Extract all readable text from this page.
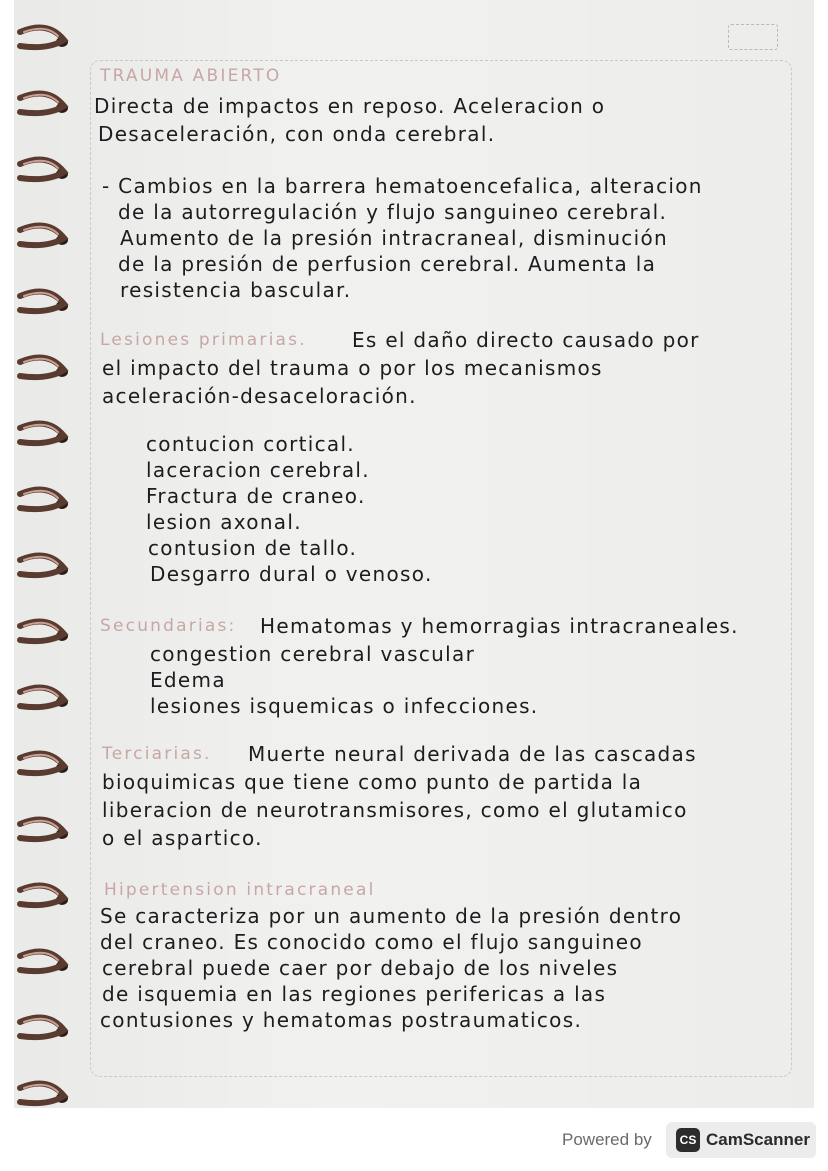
TRAUMA ABIERTO

Directa de impactos en reposo. Aceleracion o

Desaceleración, con onda cerebral.

- Cambios en la barrera hematoencefalica, alteracion

de la autorregulación y flujo sanguineo cerebral.

Aumento de la presión intracraneal, disminución

de la presión de perfusion cerebral. Aumenta la

resistencia bascular.

Lesiones primarias. Es el daño directo causado por

el impacto del trauma o por los mecanismos

aceleración-desaceloración.

contucion cortical.

laceracion cerebral.

Fractura de craneo.

lesion axonal.

contusion de tallo.

Desgarro dural o venoso.

Secundarias: Hematomas y hemorragias intracraneales.

congestion cerebral vascular

Edema

lesiones isquemicas o infecciones.

Terciarias. Muerte neural derivada de las cascadas

bioquimicas que tiene como punto de partida la

liberacion de neurotransmisores, como el glutamico

o el aspartico.

Hipertension intracraneal

Se caracteriza por un aumento de la presión dentro

del craneo. Es conocido como el flujo sanguineo

cerebral puede caer por debajo de los niveles

de isquemia en las regiones perifericas a las

contusiones y hematomas postraumaticos.

Powered by	CS CamScanner
